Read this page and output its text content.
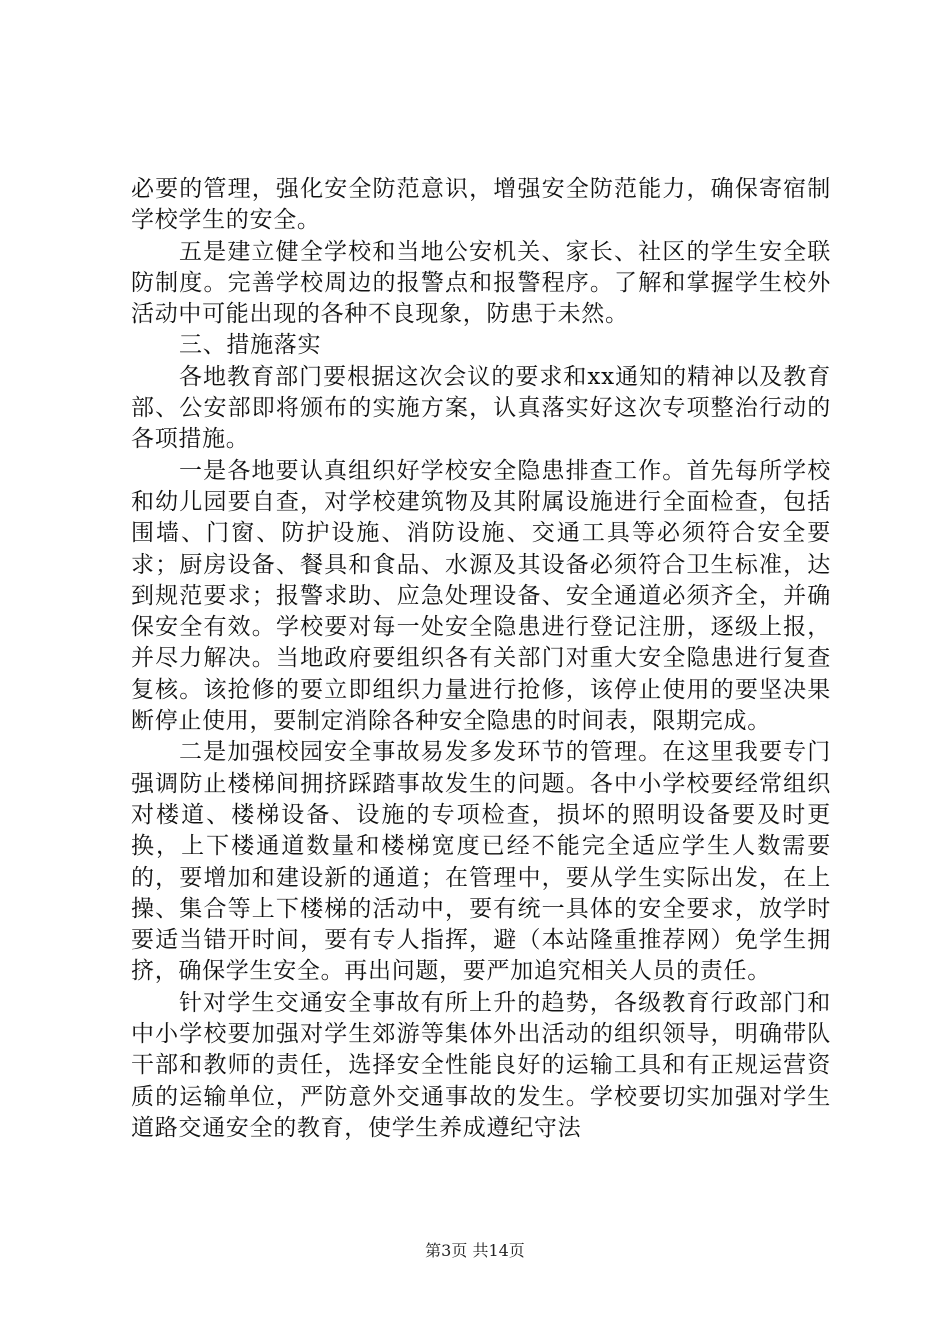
必要的管理，强化安全防范意识，增强安全防范能力，确保寄宿制学校学生的安全。

五是建立健全学校和当地公安机关、家长、社区的学生安全联防制度。完善学校周边的报警点和报警程序。了解和掌握学生校外活动中可能出现的各种不良现象，防患于未然。

三、措施落实

各地教育部门要根据这次会议的要求和xx通知的精神以及教育部、公安部即将颁布的实施方案，认真落实好这次专项整治行动的各项措施。

一是各地要认真组织好学校安全隐患排查工作。首先每所学校和幼儿园要自查，对学校建筑物及其附属设施进行全面检查，包括围墙、门窗、防护设施、消防设施、交通工具等必须符合安全要求；厨房设备、餐具和食品、水源及其设备必须符合卫生标准，达到规范要求；报警求助、应急处理设备、安全通道必须齐全，并确保安全有效。学校要对每一处安全隐患进行登记注册，逐级上报，并尽力解决。当地政府要组织各有关部门对重大安全隐患进行复查复核。该抢修的要立即组织力量进行抢修，该停止使用的要坚决果断停止使用，要制定消除各种安全隐患的时间表，限期完成。

二是加强校园安全事故易发多发环节的管理。在这里我要专门强调防止楼梯间拥挤踩踏事故发生的问题。各中小学校要经常组织对楼道、楼梯设备、设施的专项检查，损坏的照明设备要及时更换，上下楼通道数量和楼梯宽度已经不能完全适应学生人数需要的，要增加和建设新的通道；在管理中，要从学生实际出发，在上操、集合等上下楼梯的活动中，要有统一具体的安全要求，放学时要适当错开时间，要有专人指挥，避（本站隆重推荐网）免学生拥挤，确保学生安全。再出问题，要严加追究相关人员的责任。

针对学生交通安全事故有所上升的趋势，各级教育行政部门和中小学校要加强对学生郊游等集体外出活动的组织领导，明确带队干部和教师的责任，选择安全性能良好的运输工具和有正规运营资质的运输单位，严防意外交通事故的发生。学校要切实加强对学生道路交通安全的教育，使学生养成遵纪守法

第3页 共14页
